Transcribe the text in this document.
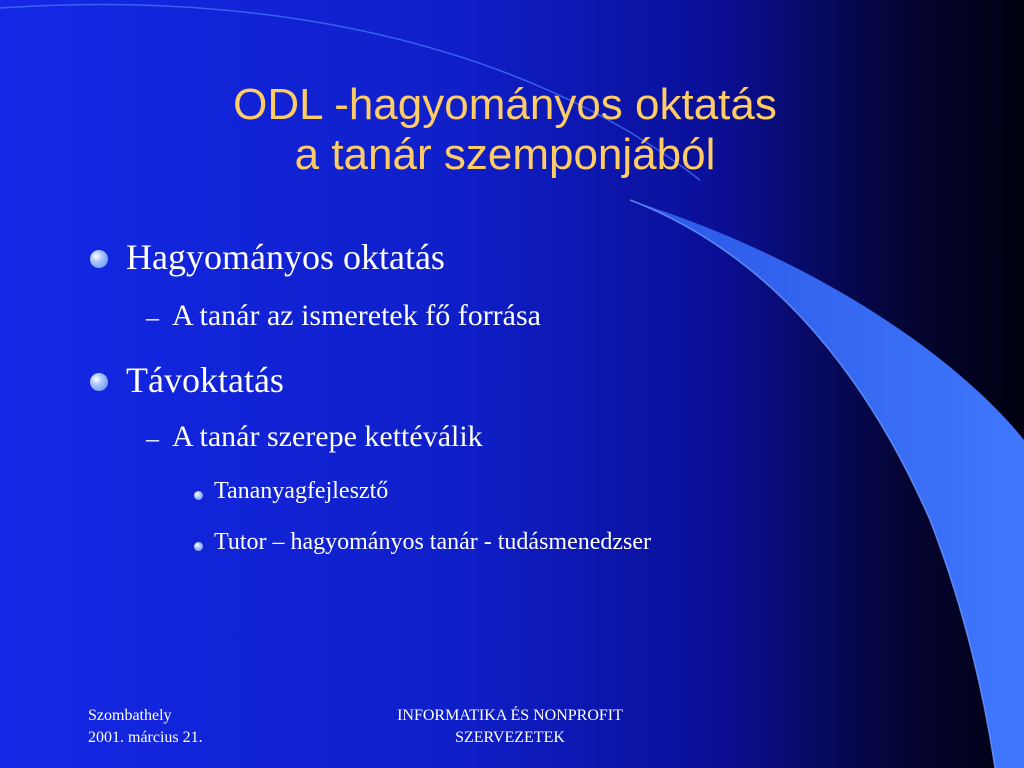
ODL -hagyományos oktatás
a tanár szemponjából
Hagyományos oktatás
– A tanár az ismeretek fő forrása
Távoktatás
– A tanár szerepe kettéválik
Tananyagfejlesztő
Tutor – hagyományos tanár - tudásmenedzser
Szombathely
2001. március 21.
INFORMATIKA ÉS NONPROFIT
SZERVEZETEK
